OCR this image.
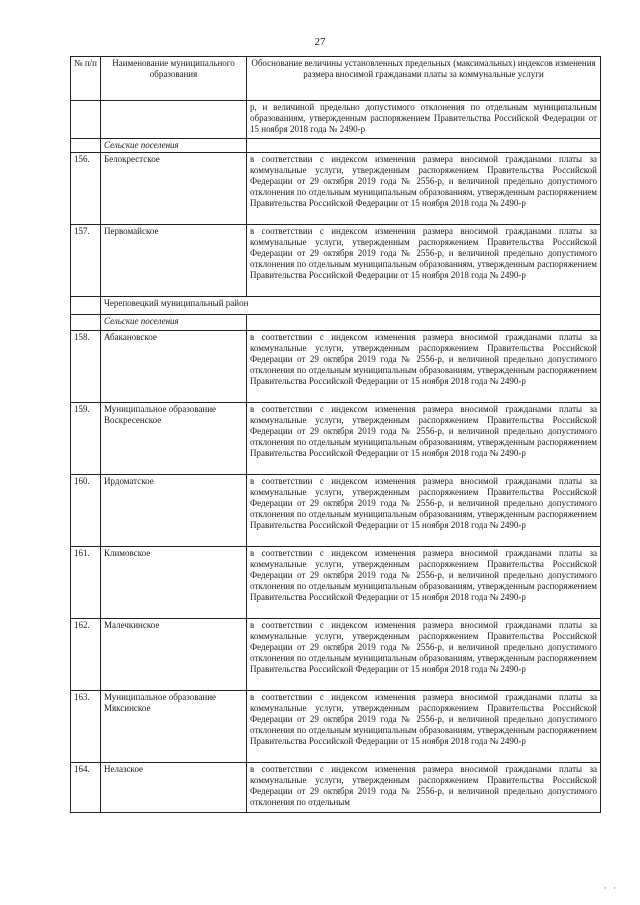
27
№ п/п	Наименование муниципального образования	Обоснование величины установленных предельных (максимальных) индексов изменения размера вносимой гражданами платы за коммунальные услуги
		р, и величиной предельно допустимого отклонения по отдельным муниципальным образованиям, утвержденным распоряжением Правительства Российской Федерации от 15 ноября 2018 года № 2490-р
	Сельские поселения	
156.	Белокрестское	в соответствии с индексом изменения размера вносимой гражданами платы за коммунальные услуги, утвержденным распоряжением Правительства Российской Федерации от 29 октября 2019 года № 2556-р, и величиной предельно допустимого отклонения по отдельным муниципальным образованиям, утвержденным распоряжением Правительства Российской Федерации от 15 ноября 2018 года № 2490-р
157.	Первомайское	в соответствии с индексом изменения размера вносимой гражданами платы за коммунальные услуги, утвержденным распоряжением Правительства Российской Федерации от 29 октября 2019 года № 2556-р, и величиной предельно допустимого отклонения по отдельным муниципальным образованиям, утвержденным распоряжением Правительства Российской Федерации от 15 ноября 2018 года № 2490-р
	Череповецкий муниципальный район	
	Сельские поселения	
158.	Абакановское	в соответствии с индексом изменения размера вносимой гражданами платы за коммунальные услуги, утвержденным распоряжением Правительства Российской Федерации от 29 октября 2019 года № 2556-р, и величиной предельно допустимого отклонения по отдельным муниципальным образованиям, утвержденным распоряжением Правительства Российской Федерации от 15 ноября 2018 года № 2490-р
159.	Муниципальное образование Воскресенское	в соответствии с индексом изменения размера вносимой гражданами платы за коммунальные услуги, утвержденным распоряжением Правительства Российской Федерации от 29 октября 2019 года № 2556-р, и величиной предельно допустимого отклонения по отдельным муниципальным образованиям, утвержденным распоряжением Правительства Российской Федерации от 15 ноября 2018 года № 2490-р
160.	Ирдоматское	в соответствии с индексом изменения размера вносимой гражданами платы за коммунальные услуги, утвержденным распоряжением Правительства Российской Федерации от 29 октября 2019 года № 2556-р, и величиной предельно допустимого отклонения по отдельным муниципальным образованиям, утвержденным распоряжением Правительства Российской Федерации от 15 ноября 2018 года № 2490-р
161.	Климовское	в соответствии с индексом изменения размера вносимой гражданами платы за коммунальные услуги, утвержденным распоряжением Правительства Российской Федерации от 29 октября 2019 года № 2556-р, и величиной предельно допустимого отклонения по отдельным муниципальным образованиям, утвержденным распоряжением Правительства Российской Федерации от 15 ноября 2018 года № 2490-р
162.	Малечкинское	в соответствии с индексом изменения размера вносимой гражданами платы за коммунальные услуги, утвержденным распоряжением Правительства Российской Федерации от 29 октября 2019 года № 2556-р, и величиной предельно допустимого отклонения по отдельным муниципальным образованиям, утвержденным распоряжением Правительства Российской Федерации от 15 ноября 2018 года № 2490-р
163.	Муниципальное образование Мяксинское	в соответствии с индексом изменения размера вносимой гражданами платы за коммунальные услуги, утвержденным распоряжением Правительства Российской Федерации от 29 октября 2019 года № 2556-р, и величиной предельно допустимого отклонения по отдельным муниципальным образованиям, утвержденным распоряжением Правительства Российской Федерации от 15 ноября 2018 года № 2490-р
164.	Нелазское	в соответствии с индексом изменения размера вносимой гражданами платы за коммунальные услуги, утвержденным распоряжением Правительства Российской Федерации от 29 октября 2019 года № 2556-р, и величиной предельно допустимого отклонения по отдельным
· ·
